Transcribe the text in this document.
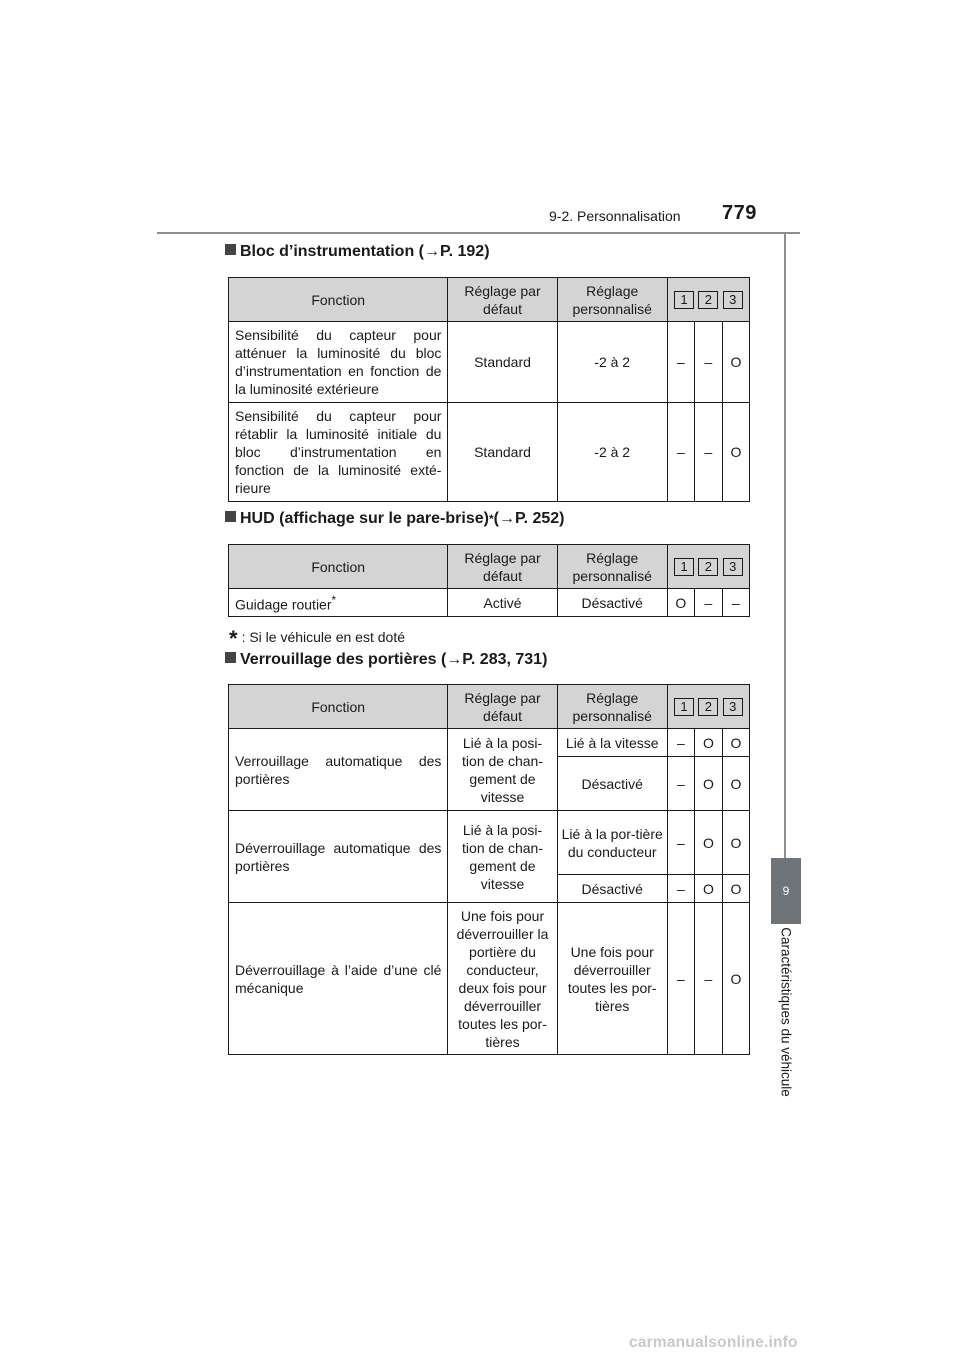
9-2. Personnalisation 779
9
Caractéristiques du véhicule
Bloc d’instrumentation ( → P. 192)
Fonction	Réglage par défaut	Réglage personnalisé	1 2 3		

Sensibilité du capteur pour atténuer la luminosité du bloc d’instrumentation en fonction de la luminosité extérieure	Standard	-2 à 2	–	–	O
Sensibilité du capteur pour rétablir la luminosité initiale du bloc d’instrumentation en fonction de la luminosité exté-rieure	Standard	-2 à 2	–	–	O
HUD (affichage sur le pare-brise) * ( → P. 252)
Fonction	Réglage par défaut	Réglage personnalisé	1 2 3		

Guidage routier*	Activé	Désactivé	O	–	–
* : Si le véhicule en est doté
Verrouillage des portières ( → P. 283, 731)
Fonction	Réglage par défaut	Réglage personnalisé	1 2 3		

Verrouillage automatique des portières	Lié à la posi-tion de chan-gement de vitesse	Lié à la vitesse	–	O	O
		Désactivé	–	O	O
Déverrouillage automatique des portières	Lié à la posi-tion de chan-gement de vitesse	Lié à la por-tière du conducteur	–	O	O
		Désactivé	–	O	O
Déverrouillage à l’aide d’une clé mécanique	Une fois pour déverrouiller la portière du conducteur, deux fois pour déverrouiller toutes les por-tières	Une fois pour déverrouiller toutes les por-tières	–	–	O
carmanualsonline.info
